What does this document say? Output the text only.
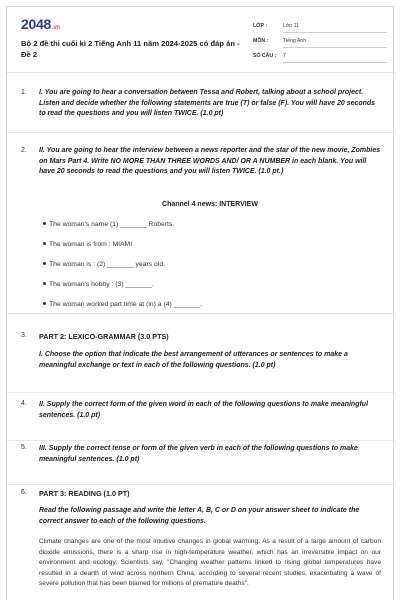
2048.vn
Bộ 2 đề thi cuối kì 2 Tiếng Anh 11 năm 2024-2025 có đáp án - Đề 2
LỚP :	Lớp 11
MÔN :	Tiếng Anh
SỐ CÂU : 7
1. I. You are going to hear a conversation between Tessa and Robert, talking about a school project. Listen and decide whether the following statements are true (T) or false (F). You will have 20 seconds to read the questions and you will listen TWICE. (1.0 pt)
2. II. You are going to hear the interview between a news reporter and the star of the new movie, Zombies on Mars Part 4. Write NO MORE THAN THREE WORDS AND/ OR A NUMBER in each blank. You will have 20 seconds to read the questions and you will listen TWICE. (1.0 pt.)
Channel 4 news: INTERVIEW
The woman's name (1) _______ Roberts.
The woman is from : MIAMI
The woman is : (2) _______ years old.
The woman's hobby : (3) _______.
The woman worked part time at (in) a (4) _______.
3. PART 2: LEXICO-GRAMMAR (3.0 PTS)
I. Choose the option that indicate the best arrangement of utterances or sentences to make a meaningful exchange or text in each of the following questions. (1.0 pt)
4. II. Supply the correct form of the given word in each of the following questions to make meaningful sentences. (1.0 pt)
5. III. Supply the correct tense or form of the given verb in each of the following questions to make meaningful sentences. (1.0 pt)
6. PART 3: READING (1.0 PT)
Read the following passage and write the letter A, B, C or D on your answer sheet to indicate the correct answer to each of the following questions.
Climate changes are one of the most intuitive changes in global warming. As a result of a large amount of carbon dioxide emissions, there is a sharp rise in high-temperature weather, which has an irreversible impact on our environment and ecology. Scientists say, "Changing weather patterns linked to rising global temperatures have resulted in a dearth of wind across northern China, according to several recent studies, exacerbating a wave of severe pollution that has been blamed for millions of premature deaths".
